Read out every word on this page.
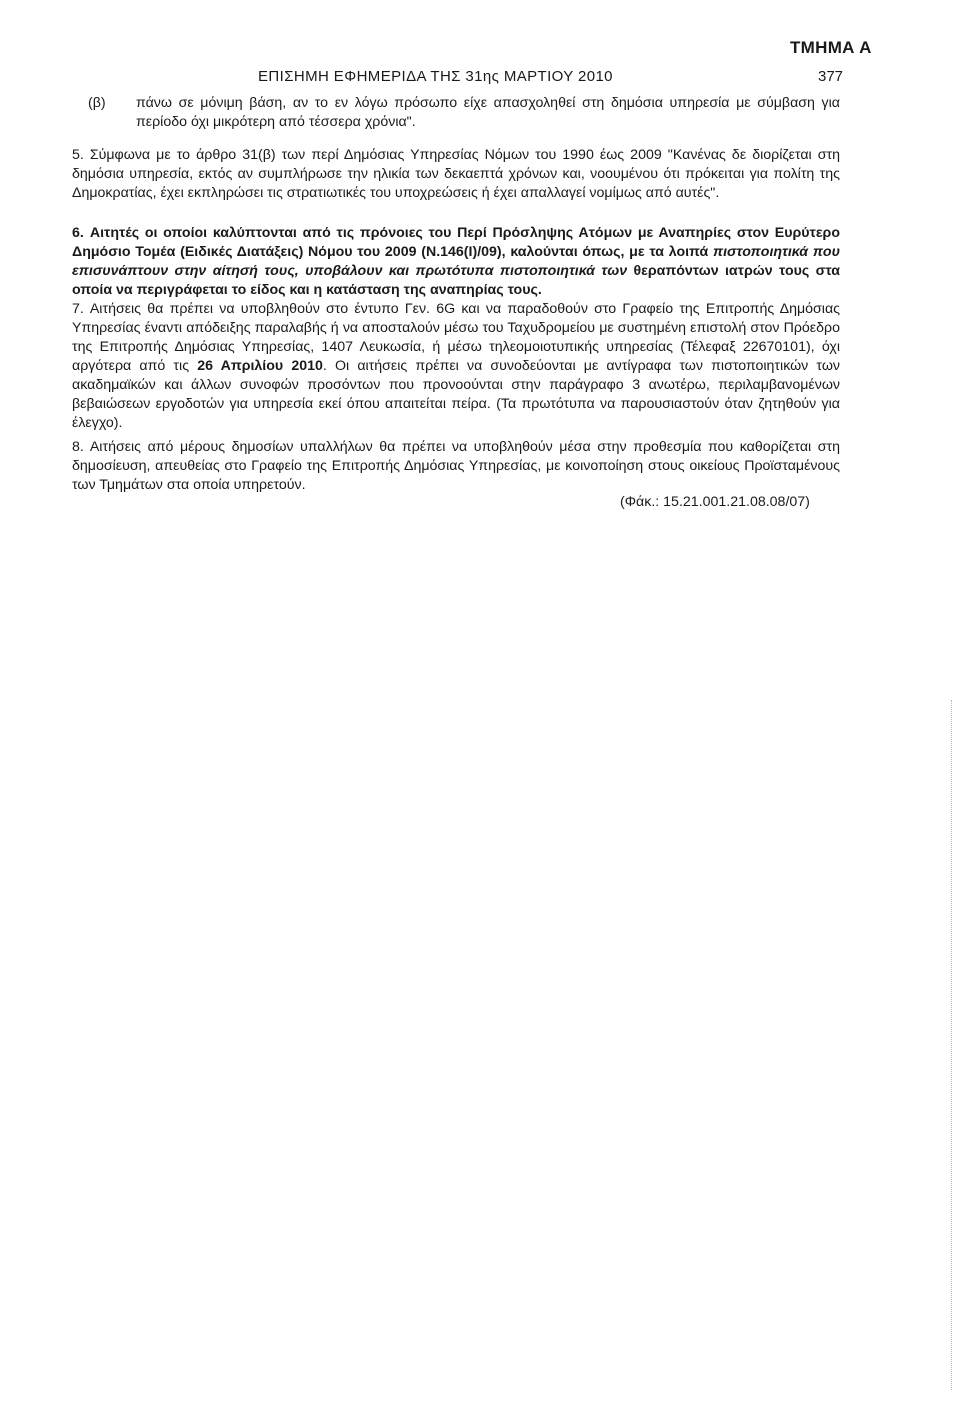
ΤΜΗΜΑ Α
ΕΠΙΣΗΜΗ ΕΦΗΜΕΡΙΔΑ ΤΗΣ 31ης ΜΑΡΤΙΟΥ 2010	377
(β) πάνω σε μόνιμη βάση, αν το εν λόγω πρόσωπο είχε απασχοληθεί στη δημόσια υπηρεσία με σύμβαση για περίοδο όχι μικρότερη από τέσσερα χρόνια".
5. Σύμφωνα με το άρθρο 31(β) των περί Δημόσιας Υπηρεσίας Νόμων του 1990 έως 2009 "Κανένας δε διορίζεται στη δημόσια υπηρεσία, εκτός αν συμπλήρωσε την ηλικία των δεκαεπτά χρόνων και, νοουμένου ότι πρόκειται για πολίτη της Δημοκρατίας, έχει εκπληρώσει τις στρατιωτικές του υποχρεώσεις ή έχει απαλλαγεί νομίμως από αυτές".
6. Αιτητές οι οποίοι καλύπτονται από τις πρόνοιες του Περί Πρόσληψης Ατόμων με Αναπηρίες στον Ευρύτερο Δημόσιο Τομέα (Ειδικές Διατάξεις) Νόμου του 2009 (Ν.146(Ι)/09), καλούνται όπως, με τα λοιπά πιστοποιητικά που επισυνάπτουν στην αίτησή τους, υποβάλουν και πρωτότυπα πιστοποιητικά των θεραπόντων ιατρών τους στα οποία να περιγράφεται το είδος και η κατάσταση της αναπηρίας τους.
7. Αιτήσεις θα πρέπει να υποβληθούν στο έντυπο Γεν. 6G και να παραδοθούν στο Γραφείο της Επιτροπής Δημόσιας Υπηρεσίας έναντι απόδειξης παραλαβής ή να αποσταλούν μέσω του Ταχυδρομείου με συστημένη επιστολή στον Πρόεδρο της Επιτροπής Δημόσιας Υπηρεσίας, 1407 Λευκωσία, ή μέσω τηλεομοιοτυπικής υπηρεσίας (Τέλεφαξ 22670101), όχι αργότερα από τις 26 Απριλίου 2010. Οι αιτήσεις πρέπει να συνοδεύονται με αντίγραφα των πιστοποιητικών των ακαδημαϊκών και άλλων συνοφών προσόντων που προνοούνται στην παράγραφο 3 ανωτέρω, περιλαμβανομένων βεβαιώσεων εργοδοτών για υπηρεσία εκεί όπου απαιτείται πείρα. (Τα πρωτότυπα να παρουσιαστούν όταν ζητηθούν για έλεγχο).
8. Αιτήσεις από μέρους δημοσίων υπαλλήλων θα πρέπει να υποβληθούν μέσα στην προθεσμία που καθορίζεται στη δημοσίευση, απευθείας στο Γραφείο της Επιτροπής Δημόσιας Υπηρεσίας, με κοινοποίηση στους οικείους Προϊσταμένους των Τμημάτων στα οποία υπηρετούν.
(Φάκ.: 15.21.001.21.08.08/07)
